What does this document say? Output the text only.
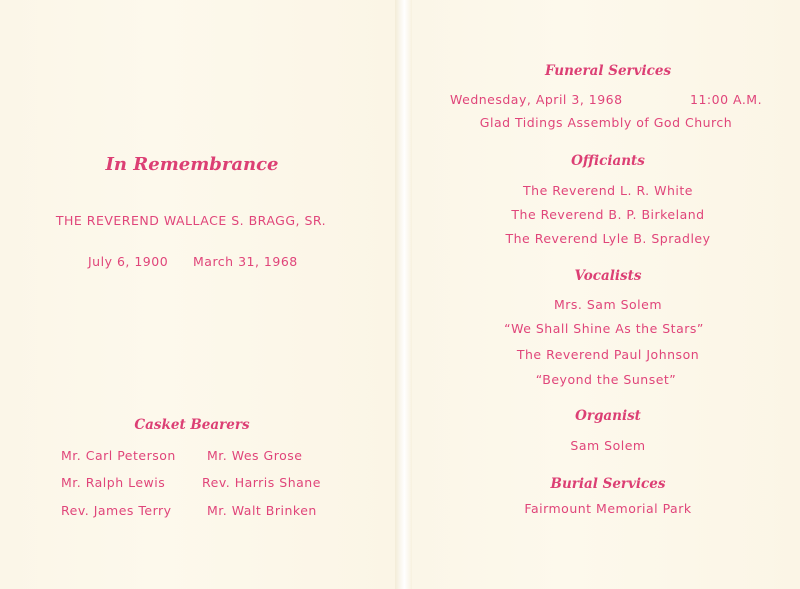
In Remembrance
THE REVEREND WALLACE S. BRAGG, SR.
July 6, 1900 March 31, 1968
Casket Bearers
Mr. Carl Peterson Mr. Wes Grose
Mr. Ralph Lewis	Rev. Harris Shane
Rev. James Terry	Mr. Walt Brinken
Funeral Services
Wednesday, April 3, 1968	11:00 A.M.
Glad Tidings Assembly of God Church
Officiants
The Reverend L. R. White
The Reverend B. P. Birkeland
The Reverend Lyle B. Spradley
Vocalists
Mrs. Sam Solem
“We Shall Shine As the Stars”
The Reverend Paul Johnson
“Beyond the Sunset”
Organist
Sam Solem
Burial Services
Fairmount Memorial Park
